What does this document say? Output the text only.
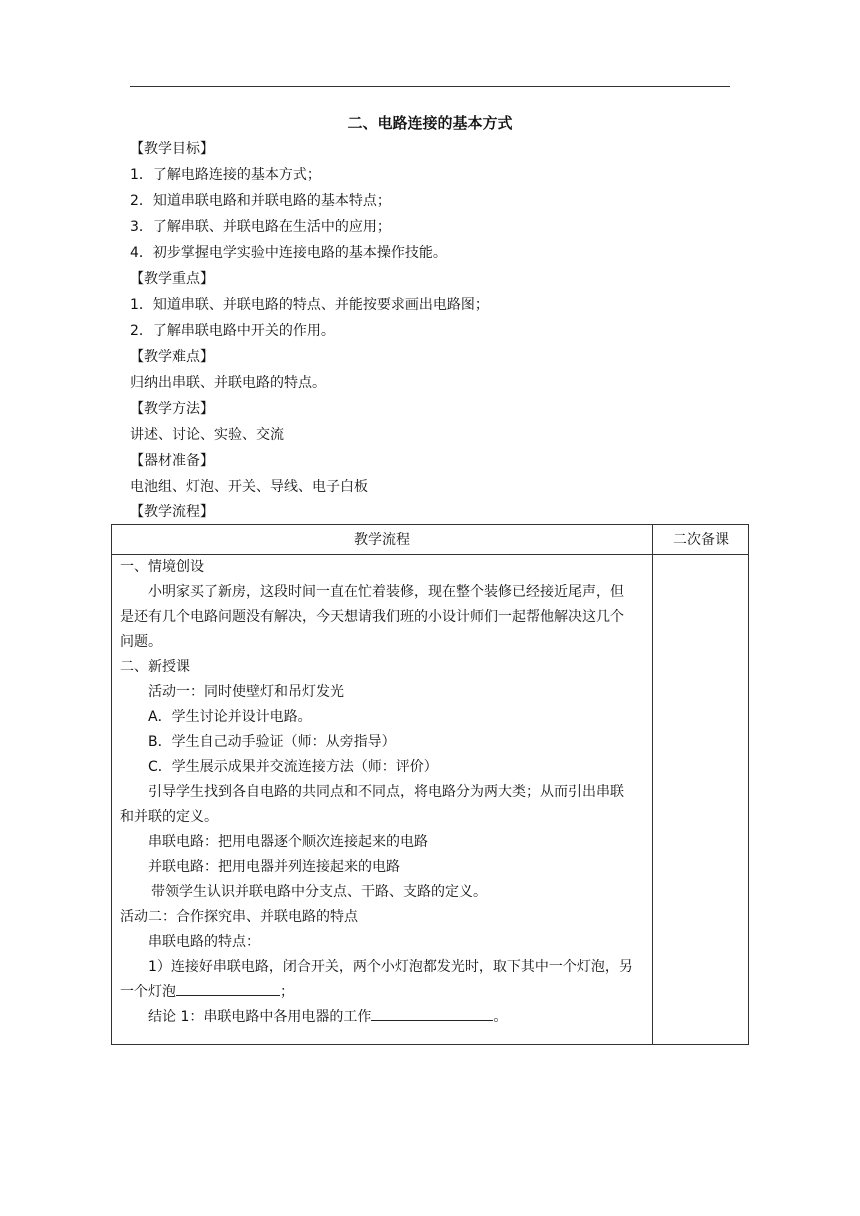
二、电路连接的基本方式
【教学目标】
1．了解电路连接的基本方式；
2．知道串联电路和并联电路的基本特点；
3．了解串联、并联电路在生活中的应用；
4．初步掌握电学实验中连接电路的基本操作技能。
【教学重点】
1．知道串联、并联电路的特点、并能按要求画出电路图；
2．了解串联电路中开关的作用。
【教学难点】
归纳出串联、并联电路的特点。
【教学方法】
讲述、讨论、实验、交流
【器材准备】
电池组、灯泡、开关、导线、电子白板
【教学流程】
教学流程	二次备课
一、情境创设
小明家买了新房，这段时间一直在忙着装修，现在整个装修已经接近尾声，但
是还有几个电路问题没有解决，今天想请我们班的小设计师们一起帮他解决这几个
问题。
二、新授课
活动一：同时使壁灯和吊灯发光
A．学生讨论并设计电路。
B．学生自己动手验证（师：从旁指导）
C．学生展示成果并交流连接方法（师：评价）
引导学生找到各自电路的共同点和不同点，将电路分为两大类；从而引出串联
和并联的定义。
串联电路：把用电器逐个顺次连接起来的电路
并联电路：把用电器并列连接起来的电路
带领学生认识并联电路中分支点、干路、支路的定义。
活动二：合作探究串、并联电路的特点
串联电路的特点：
1）连接好串联电路，闭合开关，两个小灯泡都发光时，取下其中一个灯泡，另
一个灯泡	；
结论 1：串联电路中各用电器的工作	。
